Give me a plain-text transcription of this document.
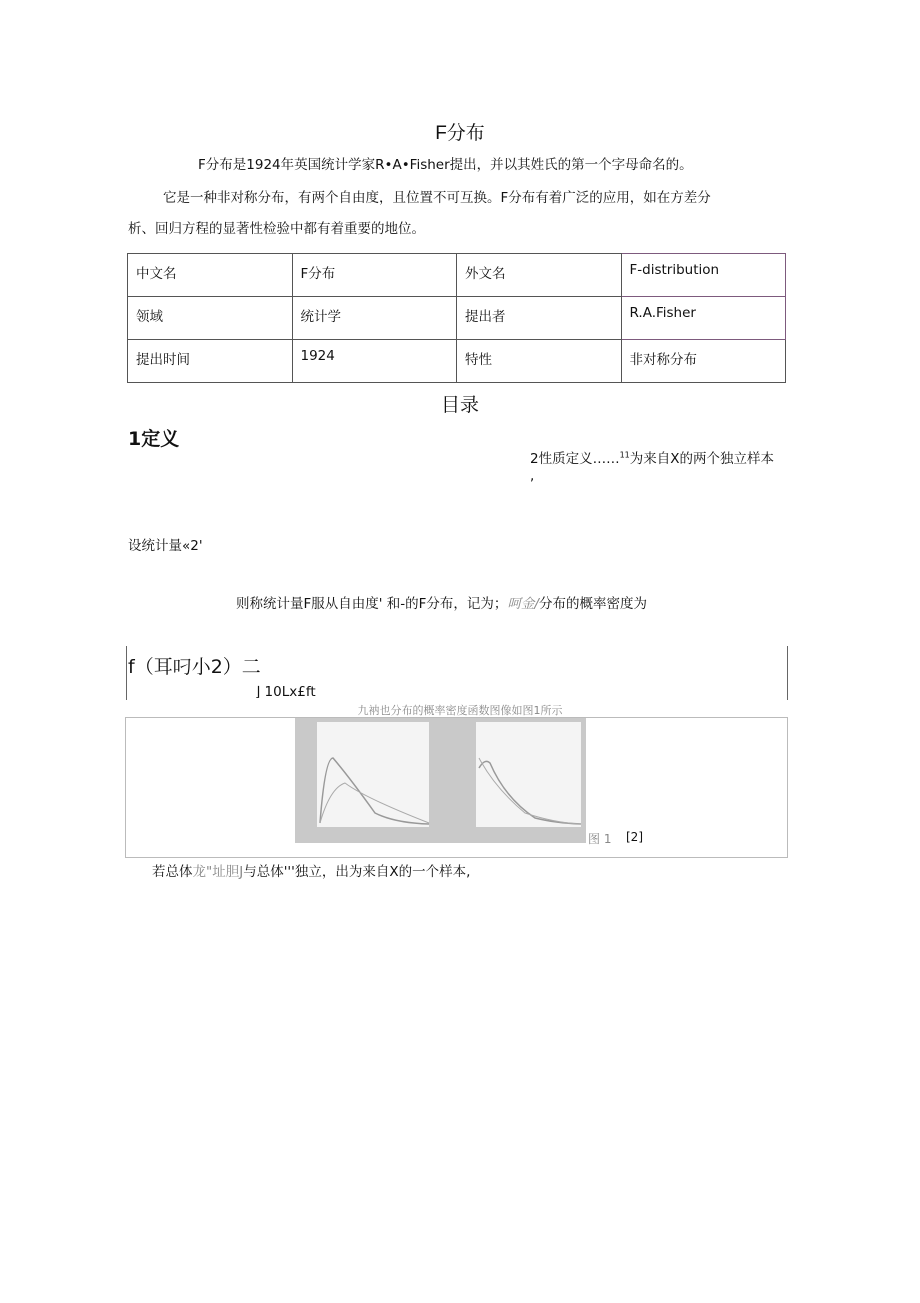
F分布
F分布是1924年英国统计学家R•A•Fisher提出，并以其姓氏的第一个字母命名的。
它是一种非对称分布，有两个自由度，且位置不可互换。F分布有着广泛的应用，如在方差分
析、回归方程的显著性检验中都有着重要的地位。
中文名	F分布	外文名	F-distribution
领域	统计学	提出者	R.A.Fisher
提出时间	1924	特性	非对称分布
目录
1定义
2性质定义……$^{11}$为来自X的两个独立样本
,
设统计量«2'
则称统计量F服从自由度' 和-的F分布，记为；呵金/分布的概率密度为
f（耳叼小2）二
⌋ 10Lx£ft
九衲也分布的概率密度函数图像如图1所示
图 1 [2]
若总体龙"址胆J与总体'''独立，出为来自X的一个样本,
